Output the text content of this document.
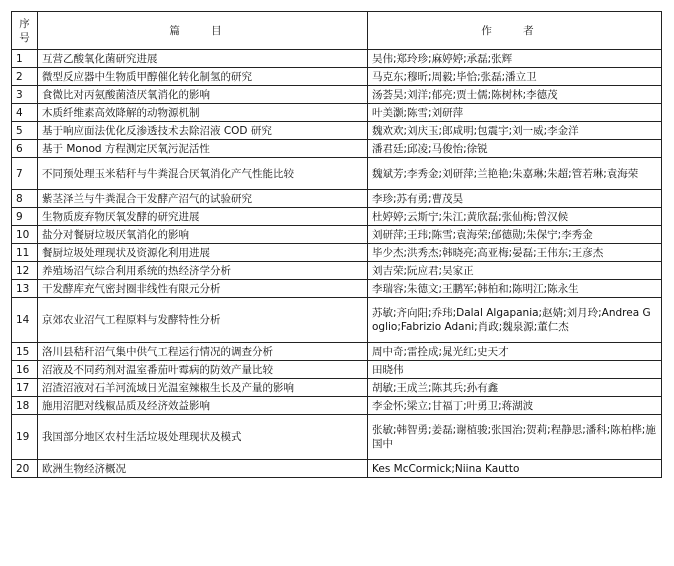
序
号	篇 目	作 者
1	互营乙酸氧化菌研究进展	吴伟;郑玲珍;麻婷婷;承磊;张辉
2	微型反应器中生物质甲醇催化转化制氢的研究	马克东;穆昕;周毅;毕恰;张磊;潘立卫
3	食微比对丙氨酸菌渣厌氧消化的影响	汤荟昊;刘洋;郁亮;贾士儒;陈树林;李德茂
4	木质纤维素高效降解的动物源机制	叶美灏;陈雪;刘研萍
5	基于响应面法优化反渗透技术去除沼液 COD 研究	魏欢欢;刘庆玉;郎咸明;包震宇;刘一威;李金洋
6	基于 Monod 方程测定厌氧污泥活性	潘君廷;邱凌;马俊怡;徐锐
7	不同预处理玉米秸秆与牛粪混合厌氧消化产气性能比较	魏斌芳;李秀金;刘研萍;兰艳艳;朱嘉琳;朱超;管若琳;袁海荣
8	紫茎泽兰与牛粪混合干发酵产沼气的试验研究	李珍;苏有勇;曹茂昊
9	生物质废弃物厌氧发酵的研究进展	杜婷婷;云斯宁;朱江;黄欣磊;张仙梅;曾汉候
10	盐分对餐厨垃圾厌氧消化的影响	刘研萍;王玮;陈雪;袁海荣;邰德勋;朱保宁;李秀金
11	餐厨垃圾处理现状及资源化利用进展	毕少杰;洪秀杰;韩晓亮;高亚梅;晏磊;王伟东;王彦杰
12	养殖场沼气综合利用系统的热经济学分析	刘吉荣;阮应君;吴家正
13	干发酵库充气密封圈非线性有限元分析	李瑞容;朱德文;王鹏军;韩柏和;陈明江;陈永生
14	京郊农业沼气工程原料与发酵特性分析	苏敏;齐向阳;乔玮;Dalal Algapania;赵婧;刘月玲;Andrea Goglio;Fabrizio Adani;肖政;魏泉源;董仁杰
15	洛川县秸秆沼气集中供气工程运行情况的调查分析	周中奇;雷拴成;晁光红;史天才
16	沼液及不同药剂对温室番茄叶霉病的防效产量比较	田晓伟
17	沼渣沼液对石羊河流域日光温室辣椒生长及产量的影响	胡敏;王成兰;陈其兵;孙有鑫
18	施用沼肥对线椒品质及经济效益影响	李金怀;梁立;甘福丁;叶勇卫;蒋湖波
19	我国部分地区农村生活垃圾处理现状及模式	张敏;韩智勇;姜磊;谢植骏;张国治;贺莉;程静思;潘科;陈柏桦;施国中
20	欧洲生物经济概况	Kes McCormick;Niina Kautto
